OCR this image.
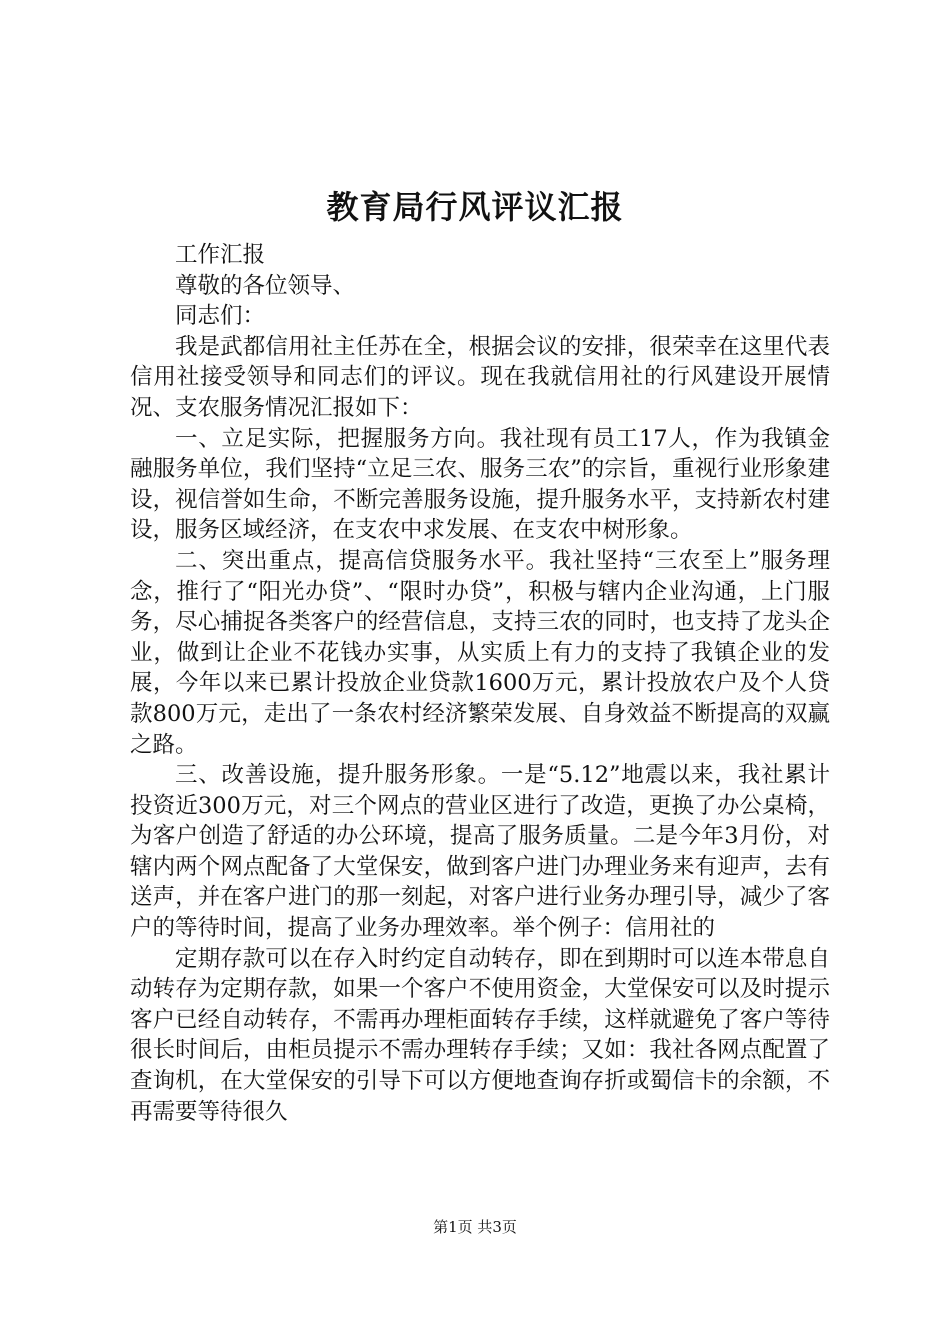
教育局行风评议汇报

工作汇报

尊敬的各位领导、

同志们：

我是武都信用社主任苏在全，根据会议的安排，很荣幸在这里代表信用社接受领导和同志们的评议。现在我就信用社的行风建设开展情况、支农服务情况汇报如下：

一、立足实际，把握服务方向。我社现有员工17人，作为我镇金融服务单位，我们坚持“立足三农、服务三农”的宗旨，重视行业形象建设，视信誉如生命，不断完善服务设施，提升服务水平，支持新农村建设，服务区域经济，在支农中求发展、在支农中树形象。

二、突出重点，提高信贷服务水平。我社坚持“三农至上”服务理念，推行了“阳光办贷”、“限时办贷”，积极与辖内企业沟通，上门服务，尽心捕捉各类客户的经营信息，支持三农的同时，也支持了龙头企业，做到让企业不花钱办实事，从实质上有力的支持了我镇企业的发展，今年以来已累计投放企业贷款1600万元，累计投放农户及个人贷款800万元，走出了一条农村经济繁荣发展、自身效益不断提高的双赢之路。

三、改善设施，提升服务形象。一是“5.12”地震以来，我社累计投资近300万元，对三个网点的营业区进行了改造，更换了办公桌椅，为客户创造了舒适的办公环境，提高了服务质量。二是今年3月份，对辖内两个网点配备了大堂保安，做到客户进门办理业务来有迎声，去有送声，并在客户进门的那一刻起，对客户进行业务办理引导，减少了客户的等待时间，提高了业务办理效率。举个例子：信用社的

定期存款可以在存入时约定自动转存，即在到期时可以连本带息自动转存为定期存款，如果一个客户不使用资金，大堂保安可以及时提示客户已经自动转存，不需再办理柜面转存手续，这样就避免了客户等待很长时间后，由柜员提示不需办理转存手续；又如：我社各网点配置了查询机，在大堂保安的引导下可以方便地查询存折或蜀信卡的余额，不再需要等待很久

第1页 共3页
